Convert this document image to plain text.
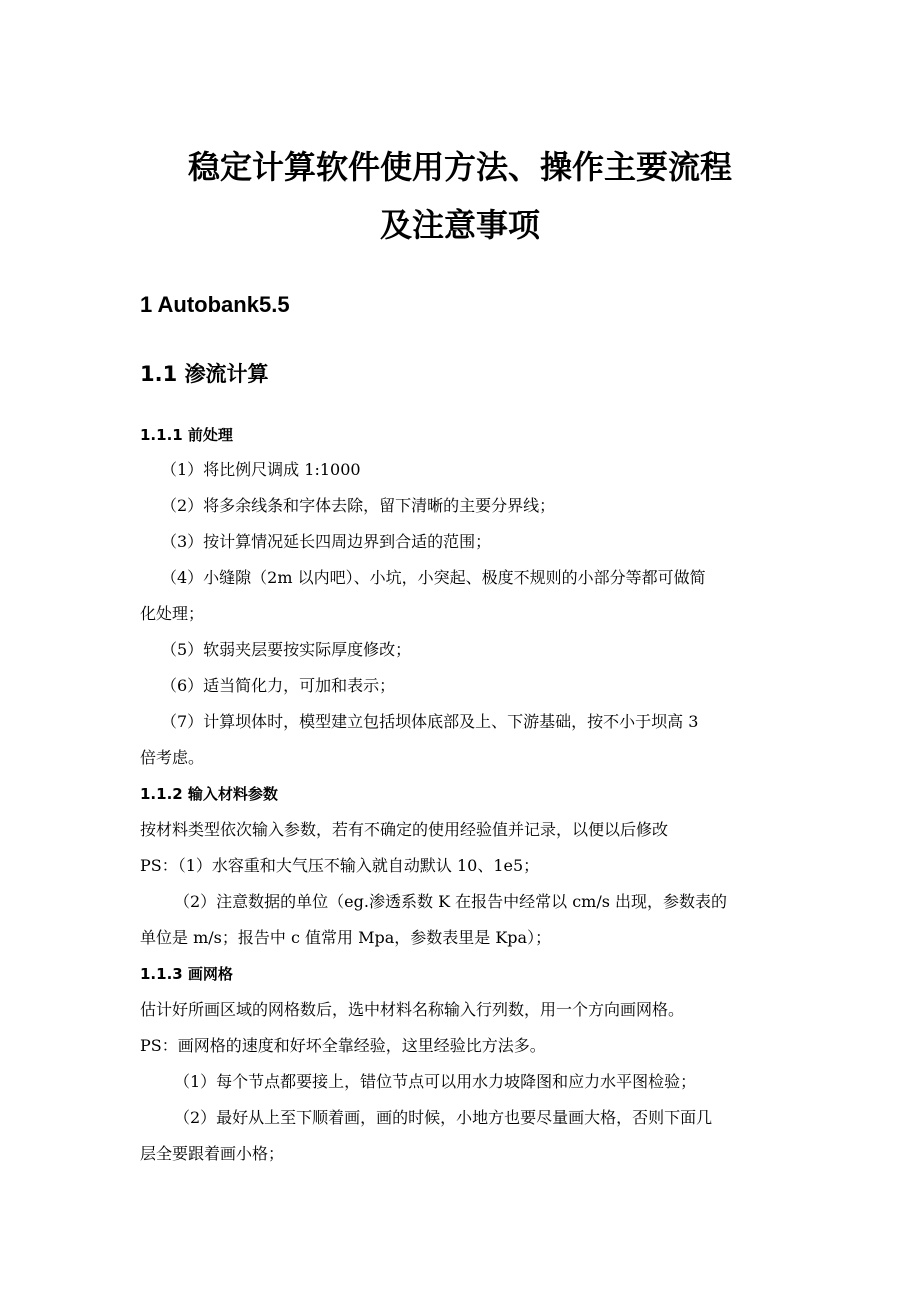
稳定计算软件使用方法、操作主要流程
及注意事项
1 Autobank5.5
1.1 渗流计算
1.1.1 前处理

（1）将比例尺调成 1:1000

（2）将多余线条和字体去除，留下清晰的主要分界线；

（3）按计算情况延长四周边界到合适的范围；

（4）小缝隙（2m 以内吧）、小坑，小突起、极度不规则的小部分等都可做简

化处理；

（5）软弱夹层要按实际厚度修改；

（6）适当简化力，可加和表示；

（7）计算坝体时，模型建立包括坝体底部及上、下游基础，按不小于坝高 3

倍考虑。

1.1.2 输入材料参数

按材料类型依次输入参数，若有不确定的使用经验值并记录，以便以后修改

PS：（1）水容重和大气压不输入就自动默认 10、1e5；

（2）注意数据的单位（eg.渗透系数 K 在报告中经常以 cm/s 出现，参数表的

单位是 m/s；报告中 c 值常用 Mpa，参数表里是 Kpa）；

1.1.3 画网格

估计好所画区域的网格数后，选中材料名称输入行列数，用一个方向画网格。

PS：画网格的速度和好坏全靠经验，这里经验比方法多。

（1）每个节点都要接上，错位节点可以用水力坡降图和应力水平图检验；

（2）最好从上至下顺着画，画的时候，小地方也要尽量画大格，否则下面几

层全要跟着画小格；
